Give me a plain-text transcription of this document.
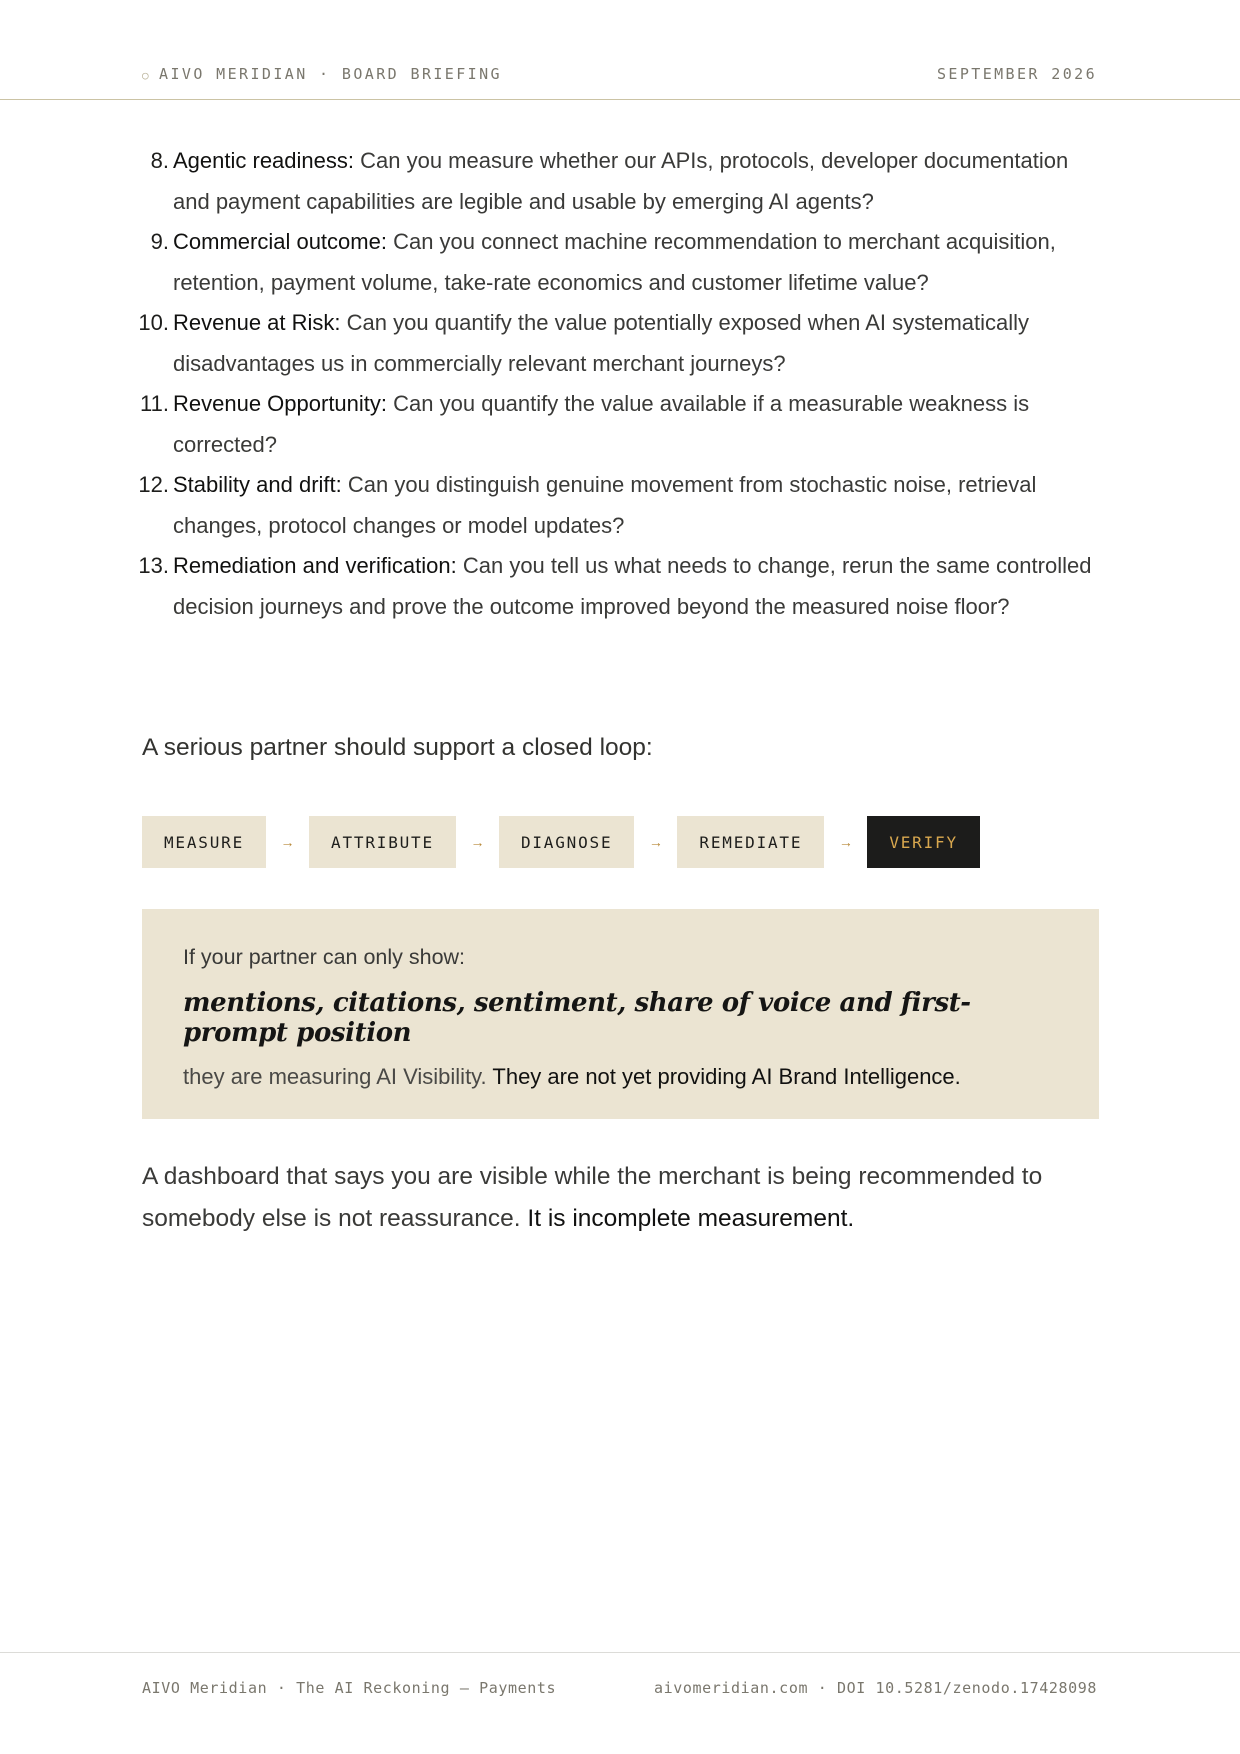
○ AIVO MERIDIAN · BOARD BRIEFING	SEPTEMBER 2026
8. Agentic readiness: Can you measure whether our APIs, protocols, developer documentation and payment capabilities are legible and usable by emerging AI agents?
9. Commercial outcome: Can you connect machine recommendation to merchant acquisition, retention, payment volume, take-rate economics and customer lifetime value?
10. Revenue at Risk: Can you quantify the value potentially exposed when AI systematically disadvantages us in commercially relevant merchant journeys?
11. Revenue Opportunity: Can you quantify the value available if a measurable weakness is corrected?
12. Stability and drift: Can you distinguish genuine movement from stochastic noise, retrieval changes, protocol changes or model updates?
13. Remediation and verification: Can you tell us what needs to change, rerun the same controlled decision journeys and prove the outcome improved beyond the measured noise floor?
A serious partner should support a closed loop:
MEASURE	→	ATTRIBUTE	→	DIAGNOSE	→	REMEDIATE	→	VERIFY
If your partner can only show:
mentions, citations, sentiment, share of voice and first-prompt position
they are measuring AI Visibility. They are not yet providing AI Brand Intelligence.

A dashboard that says you are visible while the merchant is being recommended to somebody else is not reassurance. It is incomplete measurement.

AIVO Meridian · The AI Reckoning — Payments	aivomeridian.com · DOI 10.5281/zenodo.17428098
